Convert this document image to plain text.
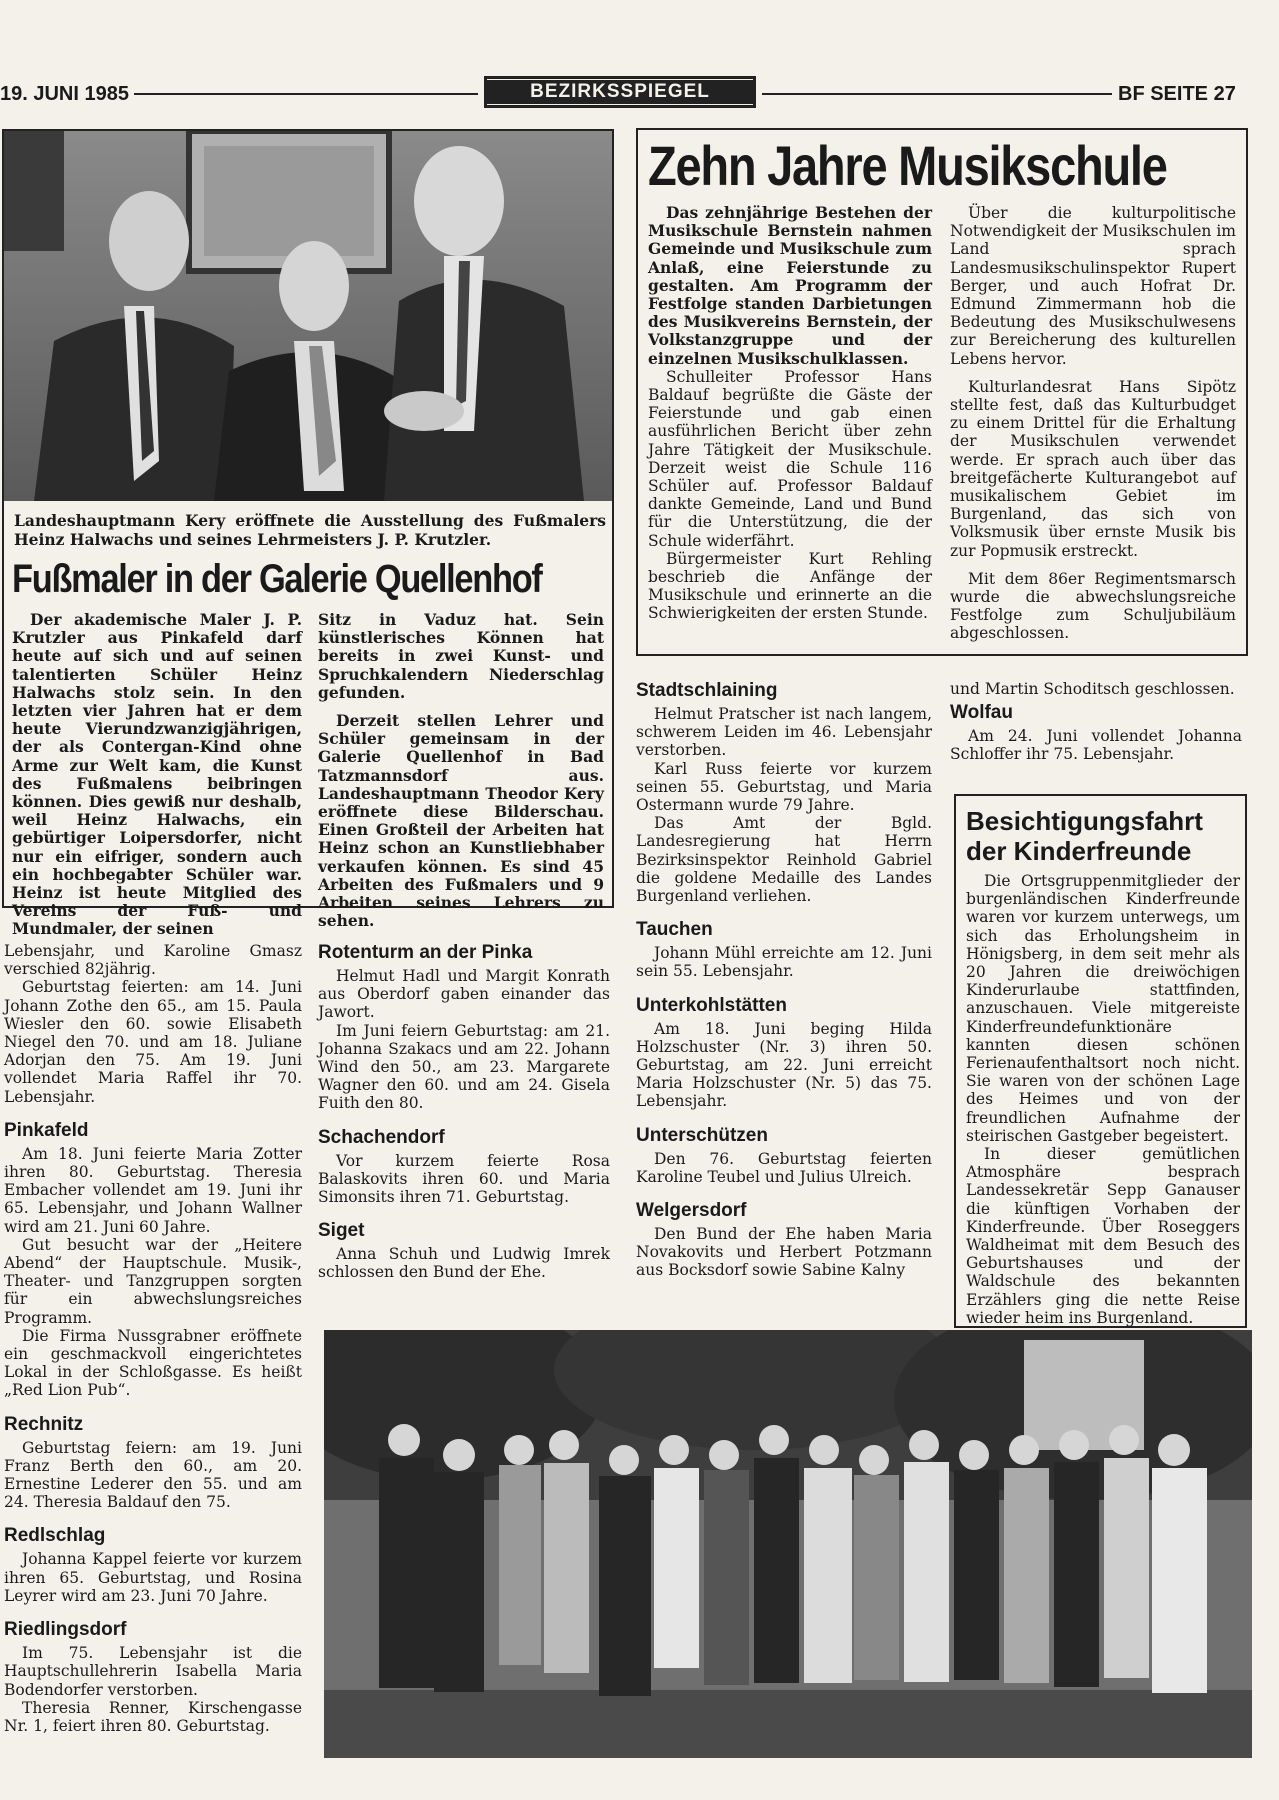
19. JUNI 1985	BEZIRKSSPIEGEL	BF SEITE 27
Landeshauptmann Kery eröffnete die Ausstellung des Fußmalers Heinz Halwachs und seines Lehrmeisters J. P. Krutzler.
Fußmaler in der Galerie Quellenhof

Der akademische Maler J. P. Krutzler aus Pinkafeld darf heute auf sich und auf seinen talentierten Schüler Heinz Halwachs stolz sein. In den letzten vier Jahren hat er dem heute Vierundzwanzigjährigen, der als Contergan-Kind ohne Arme zur Welt kam, die Kunst des Fußmalens beibringen können. Dies gewiß nur deshalb, weil Heinz Halwachs, ein gebürtiger Loipersdorfer, nicht nur ein eifriger, sondern auch ein hochbegabter Schüler war. Heinz ist heute Mitglied des Vereins der Fuß- und Mundmaler, der seinen

Sitz in Vaduz hat. Sein künstlerisches Können hat bereits in zwei Kunst- und Spruchkalendern Niederschlag gefunden.

Derzeit stellen Lehrer und Schüler gemeinsam in der Galerie Quellenhof in Bad Tatzmannsdorf aus. Landeshauptmann Theodor Kery eröffnete diese Bilderschau. Einen Großteil der Arbeiten hat Heinz schon an Kunstliebhaber verkaufen können. Es sind 45 Arbeiten des Fußmalers und 9 Arbeiten seines Lehrers zu sehen.

Zehn Jahre Musikschule

Das zehnjährige Bestehen der Musikschule Bernstein nahmen Gemeinde und Musikschule zum Anlaß, eine Feierstunde zu gestalten. Am Programm der Festfolge standen Darbietungen des Musikvereins Bernstein, der Volkstanzgruppe und der einzelnen Musikschulklassen.

Schulleiter Professor Hans Baldauf begrüßte die Gäste der Feierstunde und gab einen ausführlichen Bericht über zehn Jahre Tätigkeit der Musikschule. Derzeit weist die Schule 116 Schüler auf. Professor Baldauf dankte Gemeinde, Land und Bund für die Unterstützung, die der Schule widerfährt.

Bürgermeister Kurt Rehling beschrieb die Anfänge der Musikschule und erinnerte an die Schwierigkeiten der ersten Stunde.

Über die kulturpolitische Notwendigkeit der Musikschulen im Land sprach Landesmusikschulinspektor Rupert Berger, und auch Hofrat Dr. Edmund Zimmermann hob die Bedeutung des Musikschulwesens zur Bereicherung des kulturellen Lebens hervor.

Kulturlandesrat Hans Sipötz stellte fest, daß das Kulturbudget zu einem Drittel für die Erhaltung der Musikschulen verwendet werde. Er sprach auch über das breitgefächerte Kulturangebot auf musikalischem Gebiet im Burgenland, das sich von Volksmusik über ernste Musik bis zur Popmusik erstreckt.

Mit dem 86er Regimentsmarsch wurde die abwechslungsreiche Festfolge zum Schuljubiläum abgeschlossen.

Lebensjahr, und Karoline Gmasz verschied 82jährig.

Geburtstag feierten: am 14. Juni Johann Zothe den 65., am 15. Paula Wiesler den 60. sowie Elisabeth Niegel den 70. und am 18. Juliane Adorjan den 75. Am 19. Juni vollendet Maria Raffel ihr 70. Lebensjahr.

Pinkafeld

Am 18. Juni feierte Maria Zotter ihren 80. Geburtstag. Theresia Embacher vollendet am 19. Juni ihr 65. Lebensjahr, und Johann Wallner wird am 21. Juni 60 Jahre.

Gut besucht war der „Heitere Abend“ der Hauptschule. Musik-, Theater- und Tanzgruppen sorgten für ein abwechslungsreiches Programm.

Die Firma Nussgrabner eröffnete ein geschmackvoll eingerichtetes Lokal in der Schloßgasse. Es heißt „Red Lion Pub“.

Rechnitz

Geburtstag feiern: am 19. Juni Franz Berth den 60., am 20. Ernestine Lederer den 55. und am 24. Theresia Baldauf den 75.

Redlschlag

Johanna Kappel feierte vor kurzem ihren 65. Geburtstag, und Rosina Leyrer wird am 23. Juni 70 Jahre.

Riedlingsdorf

Im 75. Lebensjahr ist die Hauptschullehrerin Isabella Maria Bodendorfer verstorben.

Theresia Renner, Kirschengasse Nr. 1, feiert ihren 80. Geburtstag.

Rotenturm an der Pinka

Helmut Hadl und Margit Konrath aus Oberdorf gaben einander das Jawort.

Im Juni feiern Geburtstag: am 21. Johanna Szakacs und am 22. Johann Wind den 50., am 23. Margarete Wagner den 60. und am 24. Gisela Fuith den 80.

Schachendorf

Vor kurzem feierte Rosa Balaskovits ihren 60. und Maria Simonsits ihren 71. Geburtstag.

Siget

Anna Schuh und Ludwig Imrek schlossen den Bund der Ehe.

Stadtschlaining

Helmut Pratscher ist nach langem, schwerem Leiden im 46. Lebensjahr verstorben.

Karl Russ feierte vor kurzem seinen 55. Geburtstag, und Maria Ostermann wurde 79 Jahre.

Das Amt der Bgld. Landesregierung hat Herrn Bezirksinspektor Reinhold Gabriel die goldene Medaille des Landes Burgenland verliehen.

Tauchen

Johann Mühl erreichte am 12. Juni sein 55. Lebensjahr.

Unterkohlstätten

Am 18. Juni beging Hilda Holzschuster (Nr. 3) ihren 50. Geburtstag, am 22. Juni erreicht Maria Holzschuster (Nr. 5) das 75. Lebensjahr.

Unterschützen

Den 76. Geburtstag feierten Karoline Teubel und Julius Ulreich.

Welgersdorf

Den Bund der Ehe haben Maria Novakovits und Herbert Potzmann aus Bocksdorf sowie Sabine Kalny

und Martin Schoditsch geschlossen.

Wolfau

Am 24. Juni vollendet Johanna Schloffer ihr 75. Lebensjahr.

Besichtigungsfahrt
der Kinderfreunde

Die Ortsgruppenmitglieder der burgenländischen Kinderfreunde waren vor kurzem unterwegs, um sich das Erholungsheim in Hönigsberg, in dem seit mehr als 20 Jahren die dreiwöchigen Kinderurlaube stattfinden, anzuschauen. Viele mitgereiste Kinderfreundefunktionäre kannten diesen schönen Ferienaufenthaltsort noch nicht. Sie waren von der schönen Lage des Heimes und von der freundlichen Aufnahme der steirischen Gastgeber begeistert.

In dieser gemütlichen Atmosphäre besprach Landessekretär Sepp Ganauser die künftigen Vorhaben der Kinderfreunde. Über Roseggers Waldheimat mit dem Besuch des Geburtshauses und der Waldschule des bekannten Erzählers ging die nette Reise wieder heim ins Burgenland.
